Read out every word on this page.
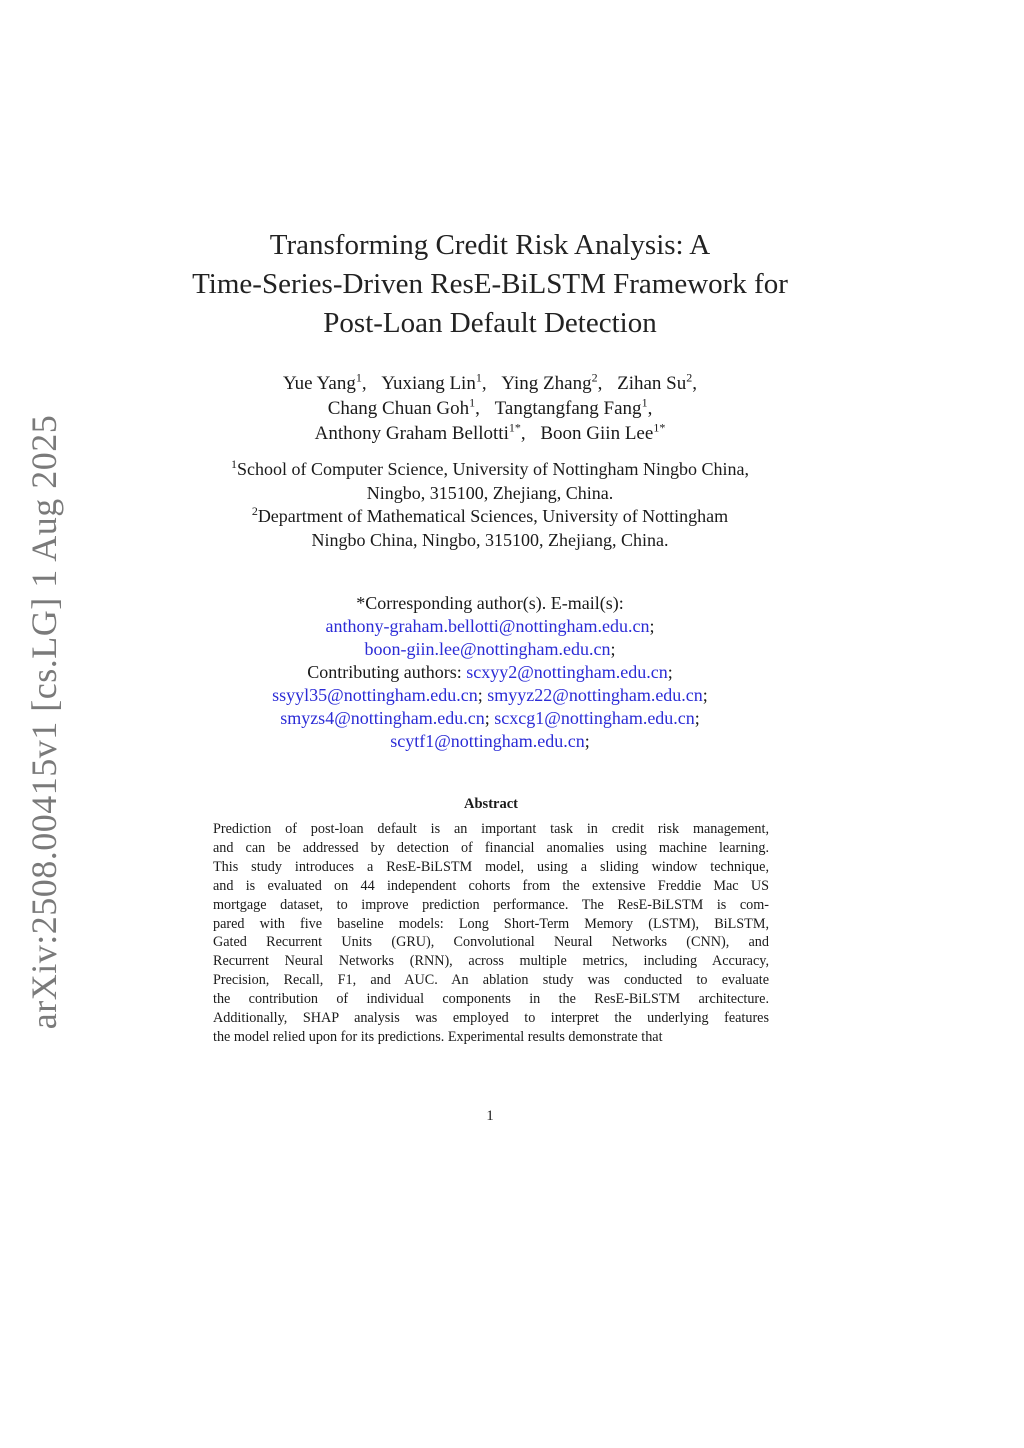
arXiv:2508.00415v1 [cs.LG] 1 Aug 2025
Transforming Credit Risk Analysis: A
Time-Series-Driven ResE-BiLSTM Framework for
Post-Loan Default Detection
Yue Yang$^1$, Yuxiang Lin$^1$, Ying Zhang$^2$, Zihan Su$^2$,
Chang Chuan Goh$^1$, Tangtangfang Fang$^1$,
Anthony Graham Bellotti$^{1*}$, Boon Giin Lee$^{1*}$
$^1$School of Computer Science, University of Nottingham Ningbo China,
Ningbo, 315100, Zhejiang, China.
$^2$Department of Mathematical Sciences, University of Nottingham
Ningbo China, Ningbo, 315100, Zhejiang, China.
*Corresponding author(s). E-mail(s):
anthony-graham.bellotti@nottingham.edu.cn;
boon-giin.lee@nottingham.edu.cn;
Contributing authors: scxyy2@nottingham.edu.cn;
ssyyl35@nottingham.edu.cn; smyyz22@nottingham.edu.cn;
smyzs4@nottingham.edu.cn; scxcg1@nottingham.edu.cn;
scytf1@nottingham.edu.cn;
Abstract
Prediction of post-loan default is an important task in credit risk management,
and can be addressed by detection of financial anomalies using machine learning.
This study introduces a ResE-BiLSTM model, using a sliding window technique,
and is evaluated on 44 independent cohorts from the extensive Freddie Mac US
mortgage dataset, to improve prediction performance. The ResE-BiLSTM is com-
pared with five baseline models: Long Short-Term Memory (LSTM), BiLSTM,
Gated Recurrent Units (GRU), Convolutional Neural Networks (CNN), and
Recurrent Neural Networks (RNN), across multiple metrics, including Accuracy,
Precision, Recall, F1, and AUC. An ablation study was conducted to evaluate
the contribution of individual components in the ResE-BiLSTM architecture.
Additionally, SHAP analysis was employed to interpret the underlying features
the model relied upon for its predictions. Experimental results demonstrate that
1
